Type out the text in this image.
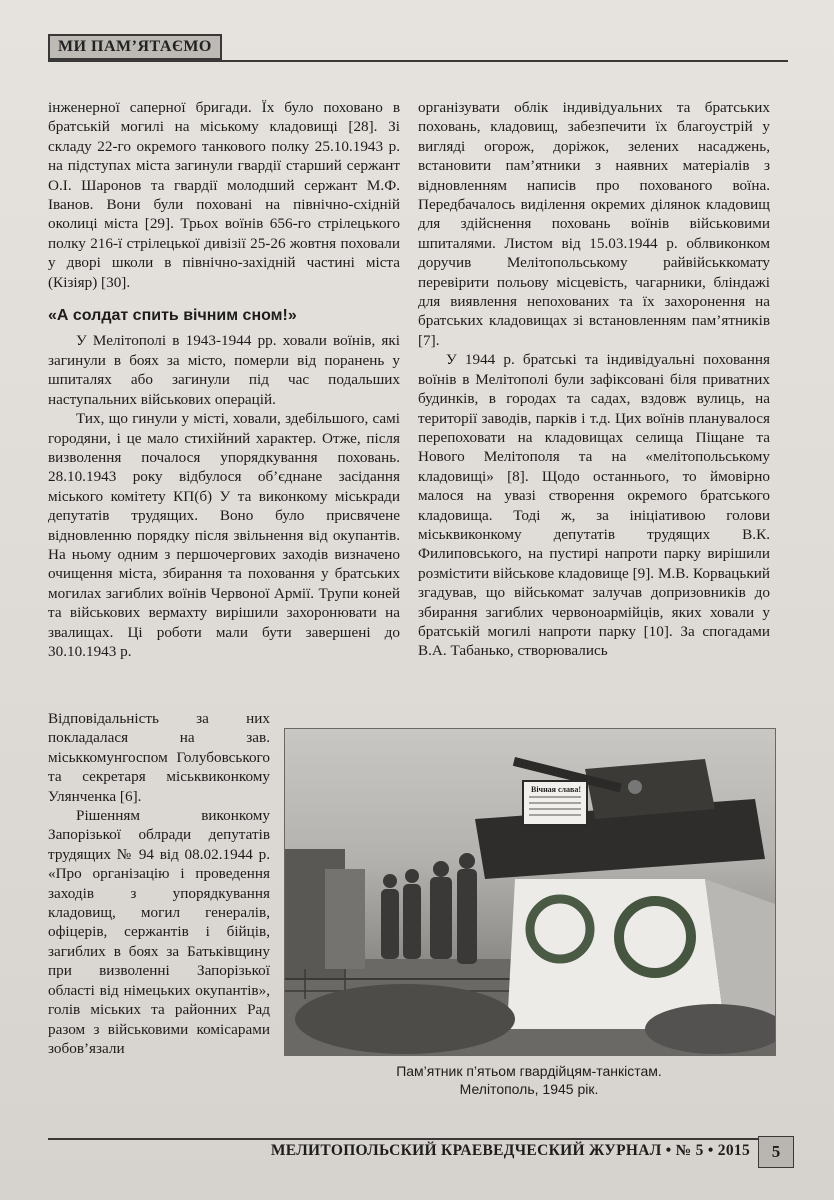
МИ ПАМ’ЯТАЄМО

інженерної саперної бригади. Їх було поховано в братській могилі на міському кладовищі [28]. Зі складу 22-го окремого танкового полку 25.10.1943 р. на підступах міста загинули гвардії старший сержант О.І. Шаронов та гвардії молодший сержант М.Ф. Іванов. Вони були поховані на північно-східній околиці міста [29]. Трьох воїнів 656-го стрілецького полку 216-ї стрілецької дивізії 25-26 жовтня поховали у дворі школи в північно-західній частині міста (Кізіяр) [30].

«А солдат спить вічним сном!»

У Мелітополі в 1943-1944 рр. ховали воїнів, які загинули в боях за місто, померли від поранень у шпиталях або загинули під час подальших наступальних військових операцій.

Тих, що гинули у місті, ховали, здебільшого, самі городяни, і це мало стихійний характер. Отже, після визволення почалося упорядкування поховань. 28.10.1943 року відбулося об’єднане засідання міського комітету КП(б) У та виконкому міськради депутатів трудящих. Воно було присвячене відновленню порядку після звільнення від окупантів. На ньому одним з першочергових заходів визначено очищення міста, збирання та поховання у братських могилах загиблих воїнів Червоної Армії. Трупи коней та військових вермахту вирішили захоронювати на звалищах. Ці роботи мали бути завершені до 30.10.1943 р.

Відповідальність за них покладалася на зав. міськкомунгоспом Голубовського та секретаря міськвиконкому Улянченка [6].

Рішенням виконкому Запорізької облради депутатів трудящих № 94 від 08.02.1944 р. «Про організацію і проведення заходів з упорядкування кладовищ, могил генералів, офіцерів, сержантів і бійців, загиблих в боях за Батьківщину при визволенні Запорізької області від німецьких окупантів», голів міських та районних Рад разом з військовими комісарами зобов’язали

організувати облік індивідуальних та братських поховань, кладовищ, забезпечити їх благоустрій у вигляді огорож, доріжок, зелених насаджень, встановити пам’ятники з наявних матеріалів з відновленням написів про похованого воїна. Передбачалось виділення окремих ділянок кладовищ для здійснення поховань воїнів військовими шпиталями. Листом від 15.03.1944 р. облвиконком доручив Мелітопольському райвійськкомату перевірити польову місцевість, чагарники, бліндажі для виявлення непохованих та їх захоронення на братських кладовищах зі встановленням пам’ятників [7].

У 1944 р. братські та індивідуальні поховання воїнів в Мелітополі були зафіксовані біля приватних будинків, в городах та садах, вздовж вулиць, на території заводів, парків і т.д. Цих воїнів планувалося перепоховати на кладовищах селища Піщане та Нового Мелітополя та на «мелітопольському кладовищі» [8]. Щодо останнього, то ймовірно малося на увазі створення окремого братського кладовища. Тоді ж, за ініціативою голови міськвиконкому депутатів трудящих В.К. Филиповського, на пустирі напроти парку вирішили розмістити військове кладовище [9]. М.В. Корвацький згадував, що військомат залучав допризовників до збирання загиблих червоноармійців, яких ховали у братській могилі напроти парку [10]. За спогадами В.А. Табанько, створювались

Вічная слава!
Пам’ятник п’ятьом гвардійцям-танкістам.
Мелітополь, 1945 рік.
МЕЛИТОПОЛЬСКИЙ КРАЕВЕДЧЕСКИЙ ЖУРНАЛ • № 5 • 2015	5
